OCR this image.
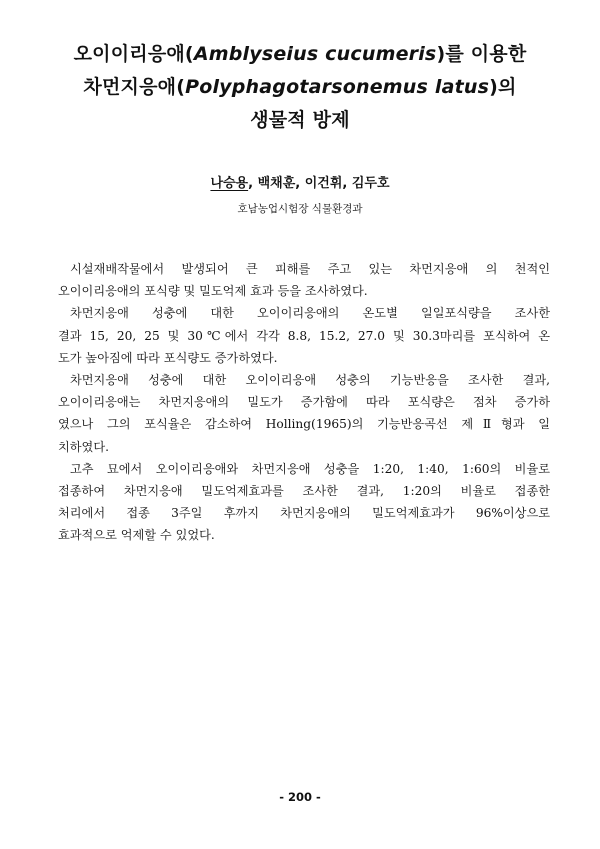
오이이리응애(Amblyseius cucumeris)를 이용한
차먼지응애(Polyphagotarsonemus latus)의
생물적 방제
나승용, 백채훈, 이건휘, 김두호
호남농업시험장 식물환경과
시설재배작물에서 발생되어 큰 피해를 주고 있는 차먼지응애 의 천적인
오이이리응애의 포식량 및 밀도억제 효과 등을 조사하였다.
차먼지응애 성충에 대한 오이이리응애의 온도별 일일포식량을 조사한
결과 15, 20, 25 및 30℃에서 각각 8.8, 15.2, 27.0 및 30.3마리를 포식하여 온
도가 높아짐에 따라 포식량도 증가하였다.
차먼지응애 성충에 대한 오이이리응애 성충의 기능반응을 조사한 결과,
오이이리응애는 차먼지응애의 밀도가 증가함에 따라 포식량은 점차 증가하
였으나 그의 포식율은 감소하여 Holling(1965)의 기능반응곡선 제Ⅱ형과 일
치하였다.
고추 묘에서 오이이리응애와 차먼지응애 성충을 1:20, 1:40, 1:60의 비율로
접종하여 차먼지응애 밀도억제효과를 조사한 결과, 1:20의 비율로 접종한
처리에서 접종 3주일 후까지 차먼지응애의 밀도억제효과가 96%이상으로
효과적으로 억제할 수 있었다.
- 200 -
